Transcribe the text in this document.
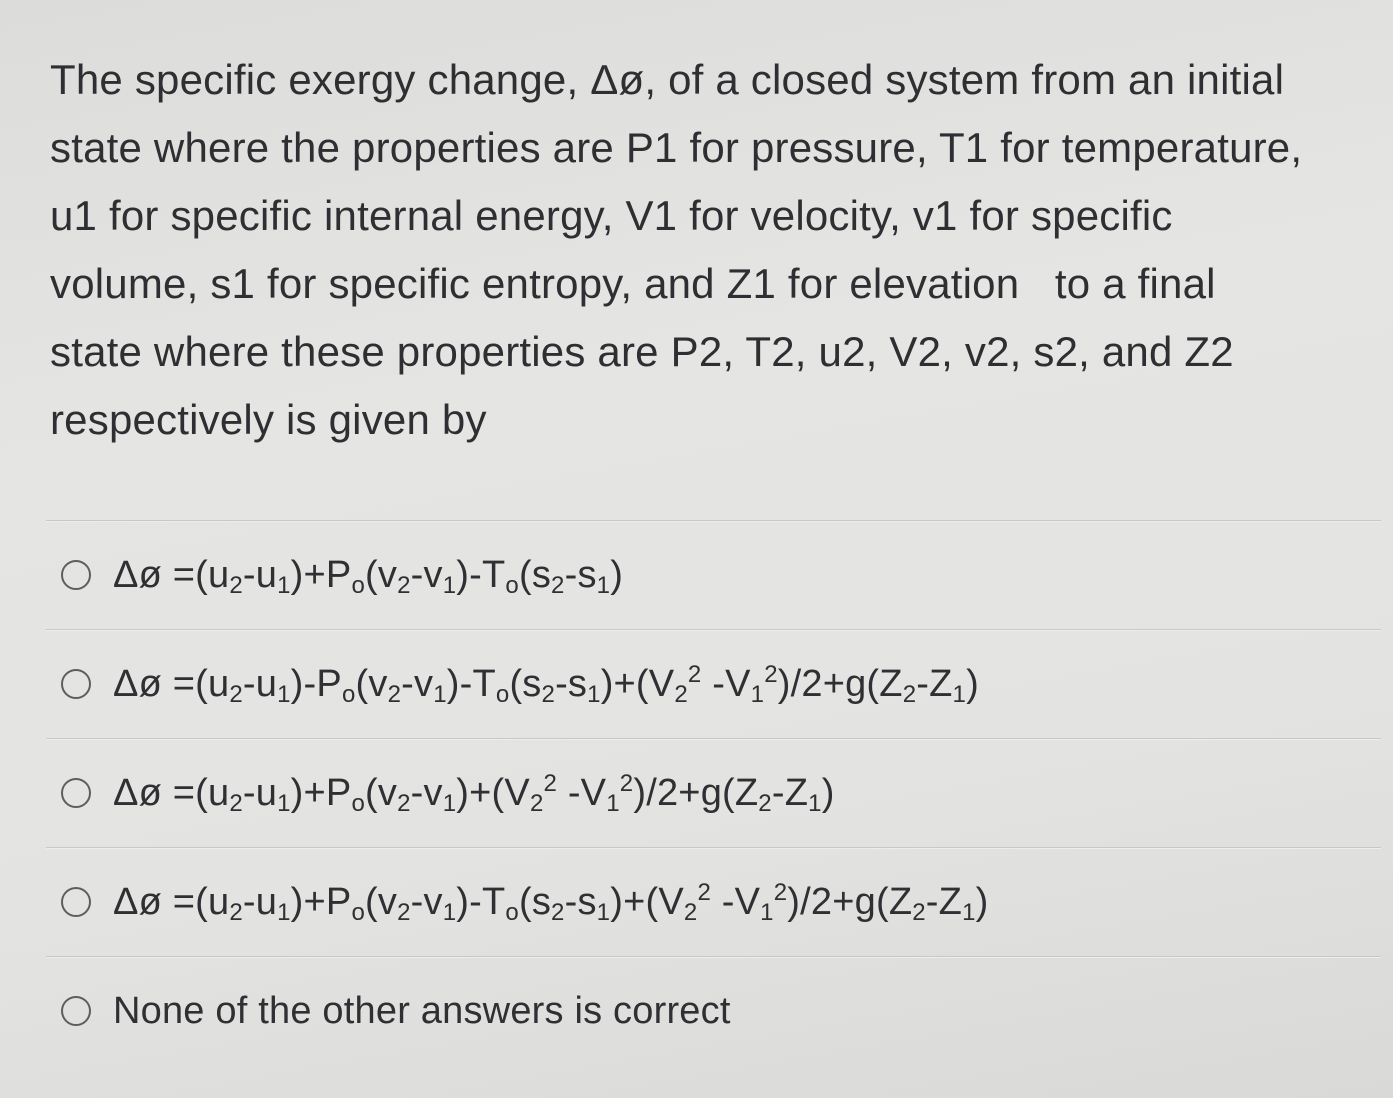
The specific exergy change, Δø, of a closed system from an initial

state where the properties are P1 for pressure, T1 for temperature,

u1 for specific internal energy, V1 for velocity, v1 for specific

volume, s1 for specific entropy, and Z1 for elevation   to a final

state where these properties are P2, T2, u2, V2, v2, s2, and Z2

respectively is given by

Δø $=(u_2-u_1)+P_o(v_2-v_1)-T_o(s_2-s_1)$
Δø $=(u_2-u_1)-P_o(v_2-v_1)-T_o(s_2-s_1)+(V_2^2$ $-V_1^2)/2+g(Z_2-Z_1)$
Δø $=(u_2-u_1)+P_o(v_2-v_1)+(V_2^2$ $-V_1^2)/2+g(Z_2-Z_1)$
Δø $=(u_2-u_1)+P_o(v_2-v_1)-T_o(s_2-s_1)+(V_2^2$ $-V_1^2)/2+g(Z_2-Z_1)$
None of the other answers is correct
